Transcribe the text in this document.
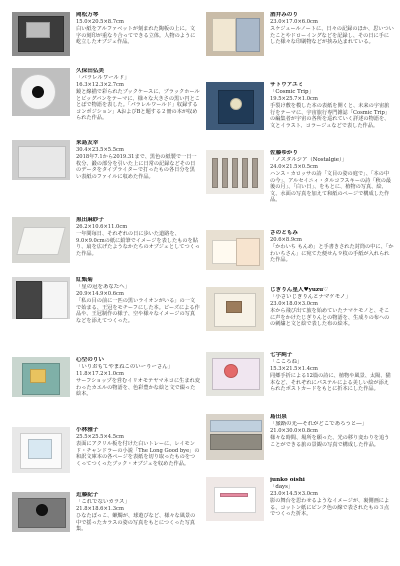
岡松万琴
15.0×20.5×8.7cm
白い紙をアルファベットが刻まれた陶板の上に。文字の刻印が重なり合ってできる立体。人物のように屹立したオブジェ作品。
久保田弘美
「パラレルワールド」
16.3×12.3×2.7cm
鏡と線描で彩られたブックケースに、ブラックホールとビッグバンをテーマに、様々な大きさの黒い円とことばで物語を表した。「パラレルワールド」収録するコンポジション」AおよびBと題する２冊の本が収められた作品。
来島友幸
30.4×23.5×5.5cm
2018年7.1から2019.31まで、黒色の紙製で一日一枚分、鍛の部分を引いた上に日常の記録などその日のデータをタイプライターで打ったもの各日分を黒い表紙のファイルに収めた作品。
黒田麻紗子
26.2×10.6×11.0cm
一年間毎日、それぞれの日に歩いた道路を、9.0×9.0cmの紙に鉛筆でイメージを表したものを貼り、扇を広げたようなかたちのオブジェとしてつくった作品。
紅甄菊
「星の冠をあなたへ」
20.9×14.9×0.6cm
「私の目の前に一匹の黒いライオンがいる」の一文で始まる、王冠をモチーフにした本。ビーズによる作品や、王冠制作の様子、空や様々なイメージの写真などを添えてつくった。
心空のりい
「いりおもてやまねこのいーりーさん」
11.8×17.2×1.0cm
サーフショップを営むイリオモテヤマネコに生まれ変わったカエルの物語を、色彩豊かな絵と文で綴った絵本。
小林雅子
25.5×25.5×4.5cm
表面にアクリル板を付けた白いトレーに、レイモンド・チャンドラーの小説「The Long Good bye」の和訳文庫本の各ページを表紙を切り取ったものをつくってつくったブック・オブジェを収めた作品。
近藤紀子
「これでないカラス」
21.8×18.6×1.3cm
ひなたぼっこ、蝋燭が、球遊びなど、様々な風景の中で揺ったカラスの姿の写真をもとにつくった写真集。
酒井みのり
23.0×17.0×6.0cm
スケジュールノートに、日々の記録のほか、思いついたことやドローイングなどを記録し、その日に手にした様々な印刷物などが挟み込まれている。
サトウアユミ
「Cosmic Trip」
19.5×25.7×1.0cm
手裂け敷を模した本の表紙を開くと、未来の宇宙旅行をテーマに、宇宙旅行専門雑誌「Cosmic Trip」の編集者が宇宙の各所を巡れていく詳述の物語を、文とイラスト、コラージュなどで表した作品。
佐藤ゆかり
「ノスタルジア（Nostalgie）」
24.0×21.5×0.5cm
ハンス・カロッサの詩「文目の姿の庭で」、「本の中の今」、アルセイニィ・タルコフスキーの詩「秋の最後の月」、「白い日」、をもとに、植物の写真、絵、文、水面の写真を加えて和紙のページで構成した作品。
さのともみ
20.6×8.9cm
「かわいち もんめ」と手書きされた封筒の中に、「かわいちさん」に宛てた便せん９枚の手紙が入れられた作品。
じぎりん星人♥yuzu♡
「小さいじぎりんとナマケモノ」
23.0×18.0×3.0cm
本から飛び出て旅を始めていたナマケモノと、そこに声をかけたじぎりんとの物語を、生成りの布へのの刺繍と文と絵で表した布の絵本。
七字純子
「こころね」
15.3×21.5×1.4cm
同郷手折による12篇の詩に、植物や風景、太陽、猫本など、それぞれにパステルによる美しい絵が添えられたポストカードをもとに折本にした作品。
島田泉
「旅路の光―それがどこであろうと―」
21.0×30.0×0.8cm
様々な時間、場所を願った、光の移り変わりを追うことができる旅の景観の写真で構成した作品。
junko oishi
「days」
23.0×14.5×3.0cm
影の舞台を思わせるようなイメージが、裏側画による、コットン紙にピンク色の線で表されたもの３点でつくった折本。
